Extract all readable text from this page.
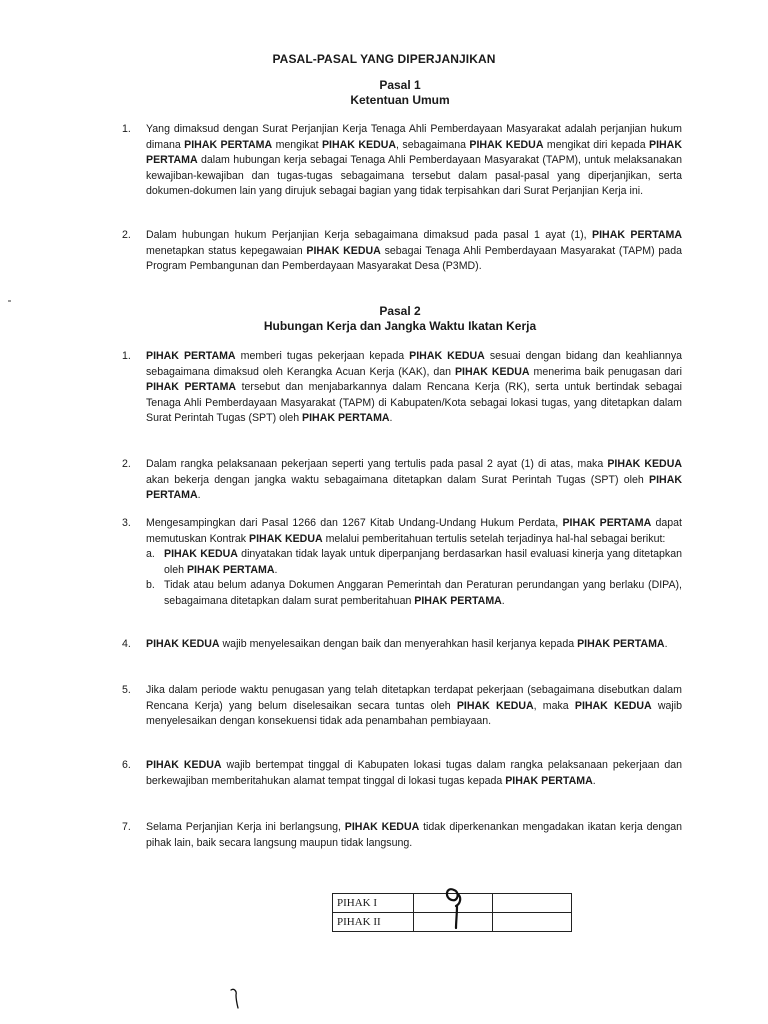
PASAL-PASAL YANG DIPERJANJIKAN
Pasal 1
Ketentuan Umum
1.	Yang dimaksud dengan Surat Perjanjian Kerja Tenaga Ahli Pemberdayaan Masyarakat adalah perjanjian hukum dimana PIHAK PERTAMA mengikat PIHAK KEDUA, sebagaimana PIHAK KEDUA mengikat diri kepada PIHAK PERTAMA dalam hubungan kerja sebagai Tenaga Ahli Pemberdayaan Masyarakat (TAPM), untuk melaksanakan kewajiban-kewajiban dan tugas-tugas sebagaimana tersebut dalam pasal-pasal yang diperjanjikan, serta dokumen-dokumen lain yang dirujuk sebagai bagian yang tidak terpisahkan dari Surat Perjanjian Kerja ini.
2.	Dalam hubungan hukum Perjanjian Kerja sebagaimana dimaksud pada pasal 1 ayat (1), PIHAK PERTAMA menetapkan status kepegawaian PIHAK KEDUA sebagai Tenaga Ahli Pemberdayaan Masyarakat (TAPM) pada Program Pembangunan dan Pemberdayaan Masyarakat Desa (P3MD).
Pasal 2
Hubungan Kerja dan Jangka Waktu Ikatan Kerja
1.	PIHAK PERTAMA memberi tugas pekerjaan kepada PIHAK KEDUA sesuai dengan bidang dan keahliannya sebagaimana dimaksud oleh Kerangka Acuan Kerja (KAK), dan PIHAK KEDUA menerima baik penugasan dari PIHAK PERTAMA tersebut dan menjabarkannya dalam Rencana Kerja (RK), serta untuk bertindak sebagai Tenaga Ahli Pemberdayaan Masyarakat (TAPM) di Kabupaten/Kota sebagai lokasi tugas, yang ditetapkan dalam Surat Perintah Tugas (SPT) oleh PIHAK PERTAMA.
2.	Dalam rangka pelaksanaan pekerjaan seperti yang tertulis pada pasal 2 ayat (1) di atas, maka PIHAK KEDUA akan bekerja dengan jangka waktu sebagaimana ditetapkan dalam Surat Perintah Tugas (SPT) oleh PIHAK PERTAMA.
3.	Mengesampingkan dari Pasal 1266 dan 1267 Kitab Undang-Undang Hukum Perdata, PIHAK PERTAMA dapat memutuskan Kontrak PIHAK KEDUA melalui pemberitahuan tertulis setelah terjadinya hal-hal sebagai berikut:
a. PIHAK KEDUA dinyatakan tidak layak untuk diperpanjang berdasarkan hasil evaluasi kinerja yang ditetapkan oleh PIHAK PERTAMA.
b. Tidak atau belum adanya Dokumen Anggaran Pemerintah dan Peraturan perundangan yang berlaku (DIPA), sebagaimana ditetapkan dalam surat pemberitahuan PIHAK PERTAMA.
4.	PIHAK KEDUA wajib menyelesaikan dengan baik dan menyerahkan hasil kerjanya kepada PIHAK PERTAMA.
5.	Jika dalam periode waktu penugasan yang telah ditetapkan terdapat pekerjaan (sebagaimana disebutkan dalam Rencana Kerja) yang belum diselesaikan secara tuntas oleh PIHAK KEDUA, maka PIHAK KEDUA wajib menyelesaikan dengan konsekuensi tidak ada penambahan pembiayaan.
6.	PIHAK KEDUA wajib bertempat tinggal di Kabupaten lokasi tugas dalam rangka pelaksanaan pekerjaan dan berkewajiban memberitahukan alamat tempat tinggal di lokasi tugas kepada PIHAK PERTAMA.
7.	Selama Perjanjian Kerja ini berlangsung, PIHAK KEDUA tidak diperkenankan mengadakan ikatan kerja dengan pihak lain, baik secara langsung maupun tidak langsung.
PIHAK I		
PIHAK II		
